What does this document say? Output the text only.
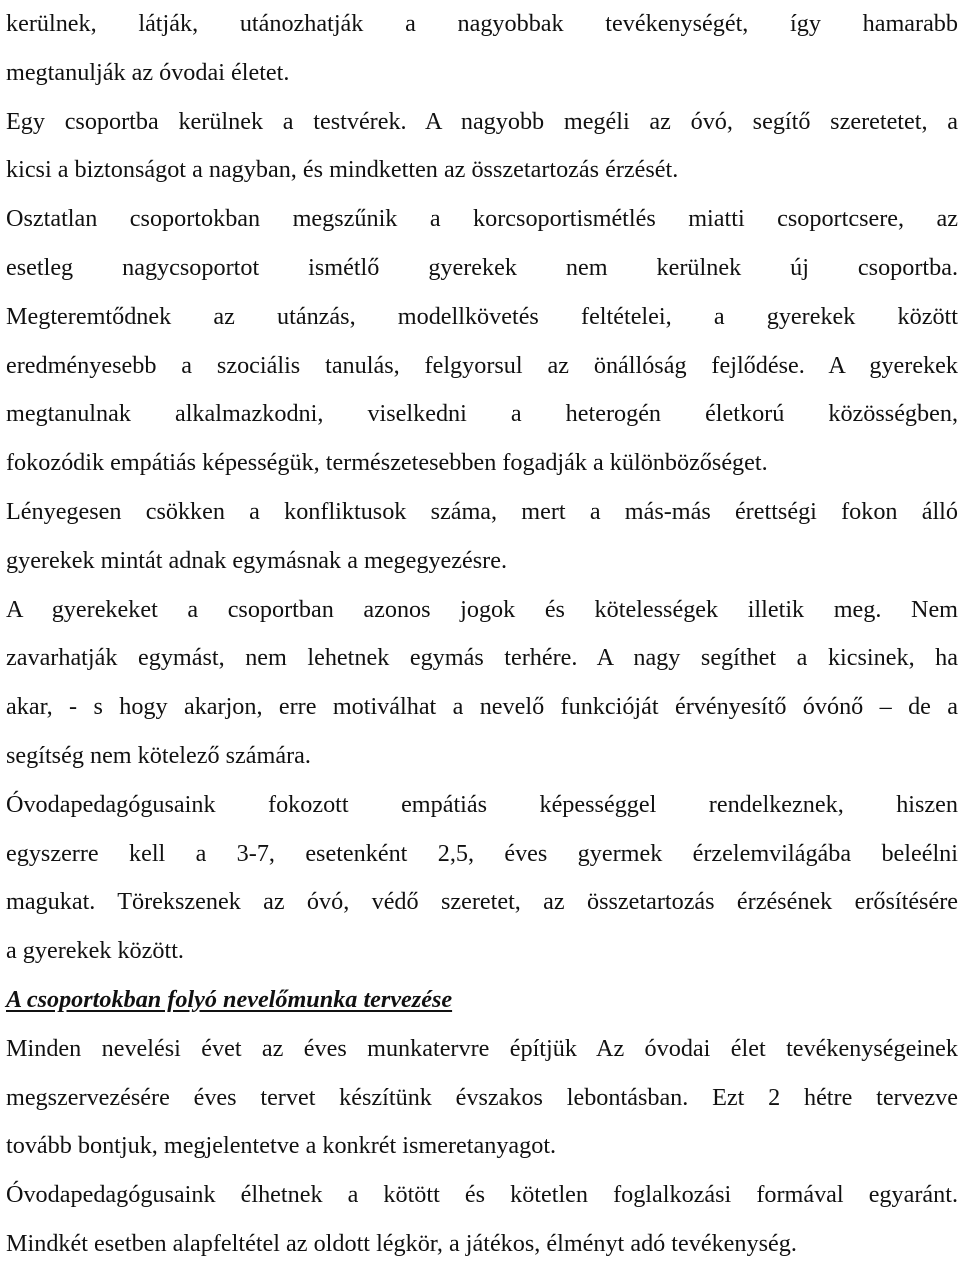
kerülnek, látják, utánozhatják a nagyobbak tevékenységét, így hamarabb
megtanulják az óvodai életet.
Egy csoportba kerülnek a testvérek. A nagyobb megéli az óvó, segítő szeretetet, a
kicsi a biztonságot a nagyban, és mindketten az összetartozás érzését.
Osztatlan csoportokban megszűnik a korcsoportismétlés miatti csoportcsere, az
esetleg nagycsoportot ismétlő gyerekek nem kerülnek új csoportba.
Megteremtődnek az utánzás, modellkövetés feltételei, a gyerekek között
eredményesebb a szociális tanulás, felgyorsul az önállóság fejlődése. A gyerekek
megtanulnak alkalmazkodni, viselkedni a heterogén életkorú közösségben,
fokozódik empátiás képességük, természetesebben fogadják a különbözőséget.
Lényegesen csökken a konfliktusok száma, mert a más-más érettségi fokon álló
gyerekek mintát adnak egymásnak a megegyezésre.
A gyerekeket a csoportban azonos jogok és kötelességek illetik meg. Nem
zavarhatják egymást, nem lehetnek egymás terhére. A nagy segíthet a kicsinek, ha
akar, - s hogy akarjon, erre motiválhat a nevelő funkcióját érvényesítő óvónő – de a
segítség nem kötelező számára.
Óvodapedagógusaink fokozott empátiás képességgel rendelkeznek, hiszen
egyszerre kell a 3-7, esetenként 2,5, éves gyermek érzelemvilágába beleélni
magukat. Törekszenek az óvó, védő szeretet, az összetartozás érzésének erősítésére
a gyerekek között.
A csoportokban folyó nevelőmunka tervezése
Minden nevelési évet az éves munkatervre építjük Az óvodai élet tevékenységeinek
megszervezésére éves tervet készítünk évszakos lebontásban. Ezt 2 hétre tervezve
tovább bontjuk, megjelentetve a konkrét ismeretanyagot.
Óvodapedagógusaink élhetnek a kötött és kötetlen foglalkozási formával egyaránt.
Mindkét esetben alapfeltétel az oldott légkör, a játékos, élményt adó tevékenység.
